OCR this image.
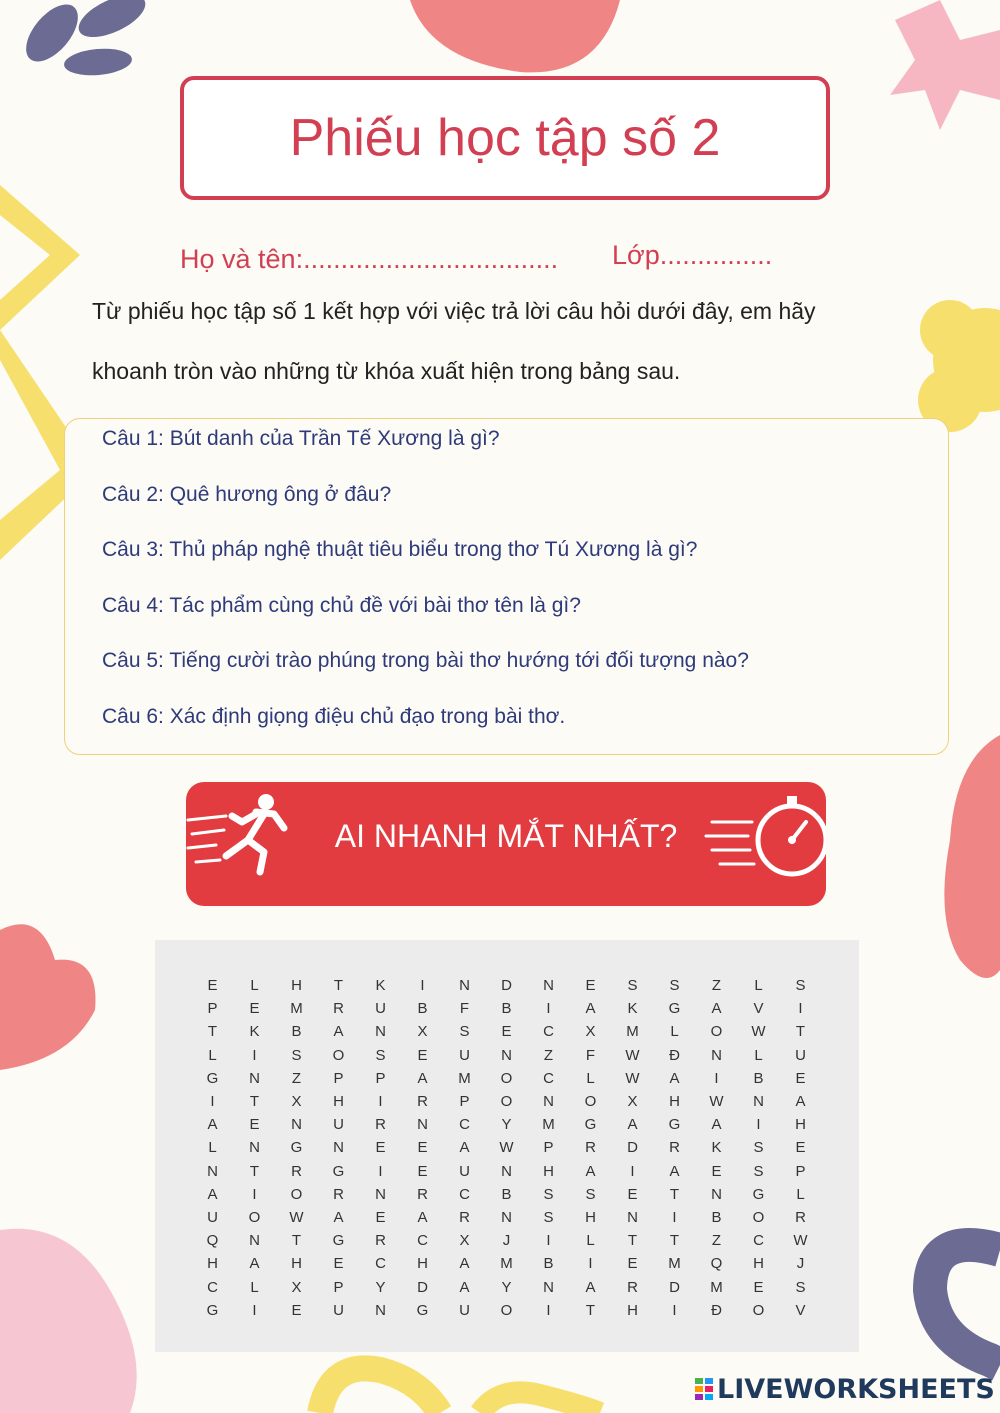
Phiếu học tập số 2
Họ và tên:.................................. Lớp...............
Từ phiếu học tập số 1 kết hợp với việc trả lời câu hỏi dưới đây, em hãy
khoanh tròn vào những từ khóa xuất hiện trong bảng sau.
Câu 1: Bút danh của Trần Tế Xương là gì?
Câu 2: Quê hương ông ở đâu?
Câu 3: Thủ pháp nghệ thuật tiêu biểu trong thơ Tú Xương là gì?
Câu 4: Tác phẩm cùng chủ đề với bài thơ tên là gì?
Câu 5: Tiếng cười trào phúng trong bài thơ hướng tới đối tượng nào?
Câu 6: Xác định giọng điệu chủ đạo trong bài thơ.
AI NHANH MẮT NHẤT?
E	L	H	T	K	I	N	D	N	E	S	S	Z	L	S
P	E	M	R	U	B	F	B	I	A	K	G	A	V	I
T	K	B	A	N	X	S	E	C	X	M	L	O	W	T
L	I	S	O	S	E	U	N	Z	F	W	Đ	N	L	U
G	N	Z	P	P	A	M	O	C	L	W	A	I	B	E
I	T	X	H	I	R	P	O	N	O	X	H	W	N	A
A	E	N	U	R	N	C	Y	M	G	A	G	A	I	H
L	N	G	N	E	E	A	W	P	R	D	R	K	S	E
N	T	R	G	I	E	U	N	H	A	I	A	E	S	P
A	I	O	R	N	R	C	B	S	S	E	T	N	G	L
U	O	W	A	E	A	R	N	S	H	N	I	B	O	R
Q	N	T	G	R	C	X	J	I	L	T	T	Z	C	W
H	A	H	E	C	H	A	M	B	I	E	M	Q	H	J
C	L	X	P	Y	D	A	Y	N	A	R	D	M	E	S
G	I	E	U	N	G	U	O	I	T	H	I	Đ	O	V
LIVEWORKSHEETS
